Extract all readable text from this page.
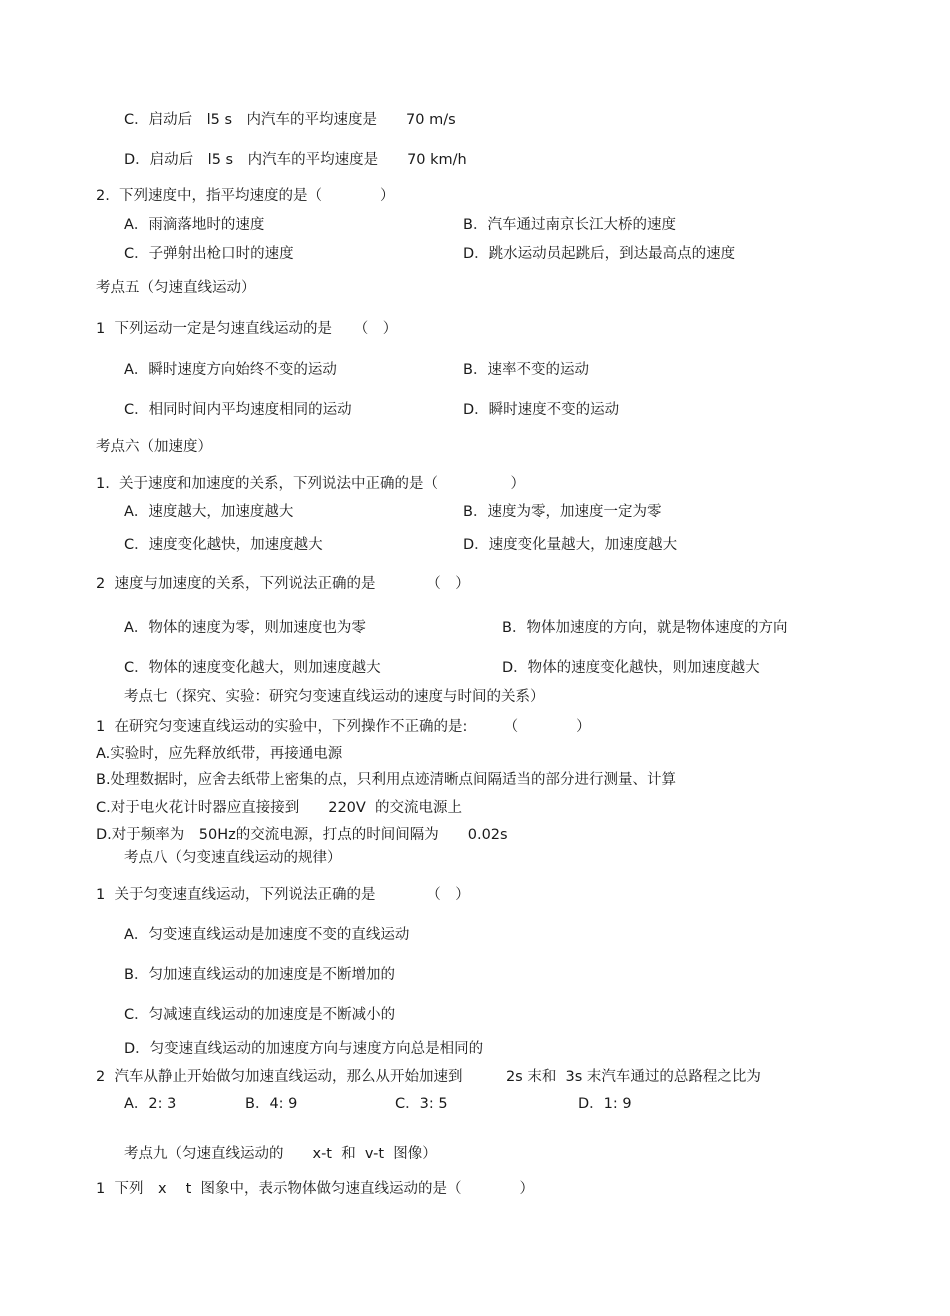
C．启动后　l5 s　内汽车的平均速度是　　70 m/s
D．启动后　l5 s　内汽车的平均速度是　　70 km/h
2.  下列速度中，指平均速度的是（　　　　）
A．雨滴落地时的速度	B．汽车通过南京长江大桥的速度
C．子弹射出枪口时的速度	D．跳水运动员起跳后，到达最高点的速度
考点五（匀速直线运动）
1  下列运动一定是匀速直线运动的是　　（　）
A．瞬时速度方向始终不变的运动	B．速率不变的运动
C．相同时间内平均速度相同的运动	D．瞬时速度不变的运动
考点六（加速度）
1.  关于速度和加速度的关系，下列说法中正确的是（　　　　　）
A．速度越大，加速度越大	B．速度为零，加速度一定为零
C．速度变化越快，加速度越大	D．速度变化量越大，加速度越大
2  速度与加速度的关系，下列说法正确的是　　　　（　）
A．物体的速度为零，则加速度也为零	B．物体加速度的方向，就是物体速度的方向
C．物体的速度变化越大，则加速度越大	D．物体的速度变化越快，则加速度越大
考点七（探究、实验：研究匀变速直线运动的速度与时间的关系）
1  在研究匀变速直线运动的实验中，下列操作不正确的是:　　　（　　　　）
A.实验时，应先释放纸带，再接通电源
B.处理数据时，应舍去纸带上密集的点，只利用点迹清晰点间隔适当的部分进行测量、计算
C.对于电火花计时器应直接接到　　220V  的交流电源上
D.对于频率为　50Hz的交流电源，打点的时间间隔为　　0.02s
考点八（匀变速直线运动的规律）
1  关于匀变速直线运动，下列说法正确的是　　　　（　）
A．匀变速直线运动是加速度不变的直线运动
B．匀加速直线运动的加速度是不断增加的
C．匀减速直线运动的加速度是不断减小的
D．匀变速直线运动的加速度方向与速度方向总是相同的
2  汽车从静止开始做匀加速直线运动，那么从开始加速到　　　2s 末和  3s 末汽车通过的总路程之比为
A．2: 3	B．4: 9	C．3: 5	D．1: 9
考点九（匀速直线运动的　　x-t  和  v-t  图像）
1  下列　x　 t  图象中，表示物体做匀速直线运动的是（　　　　）
